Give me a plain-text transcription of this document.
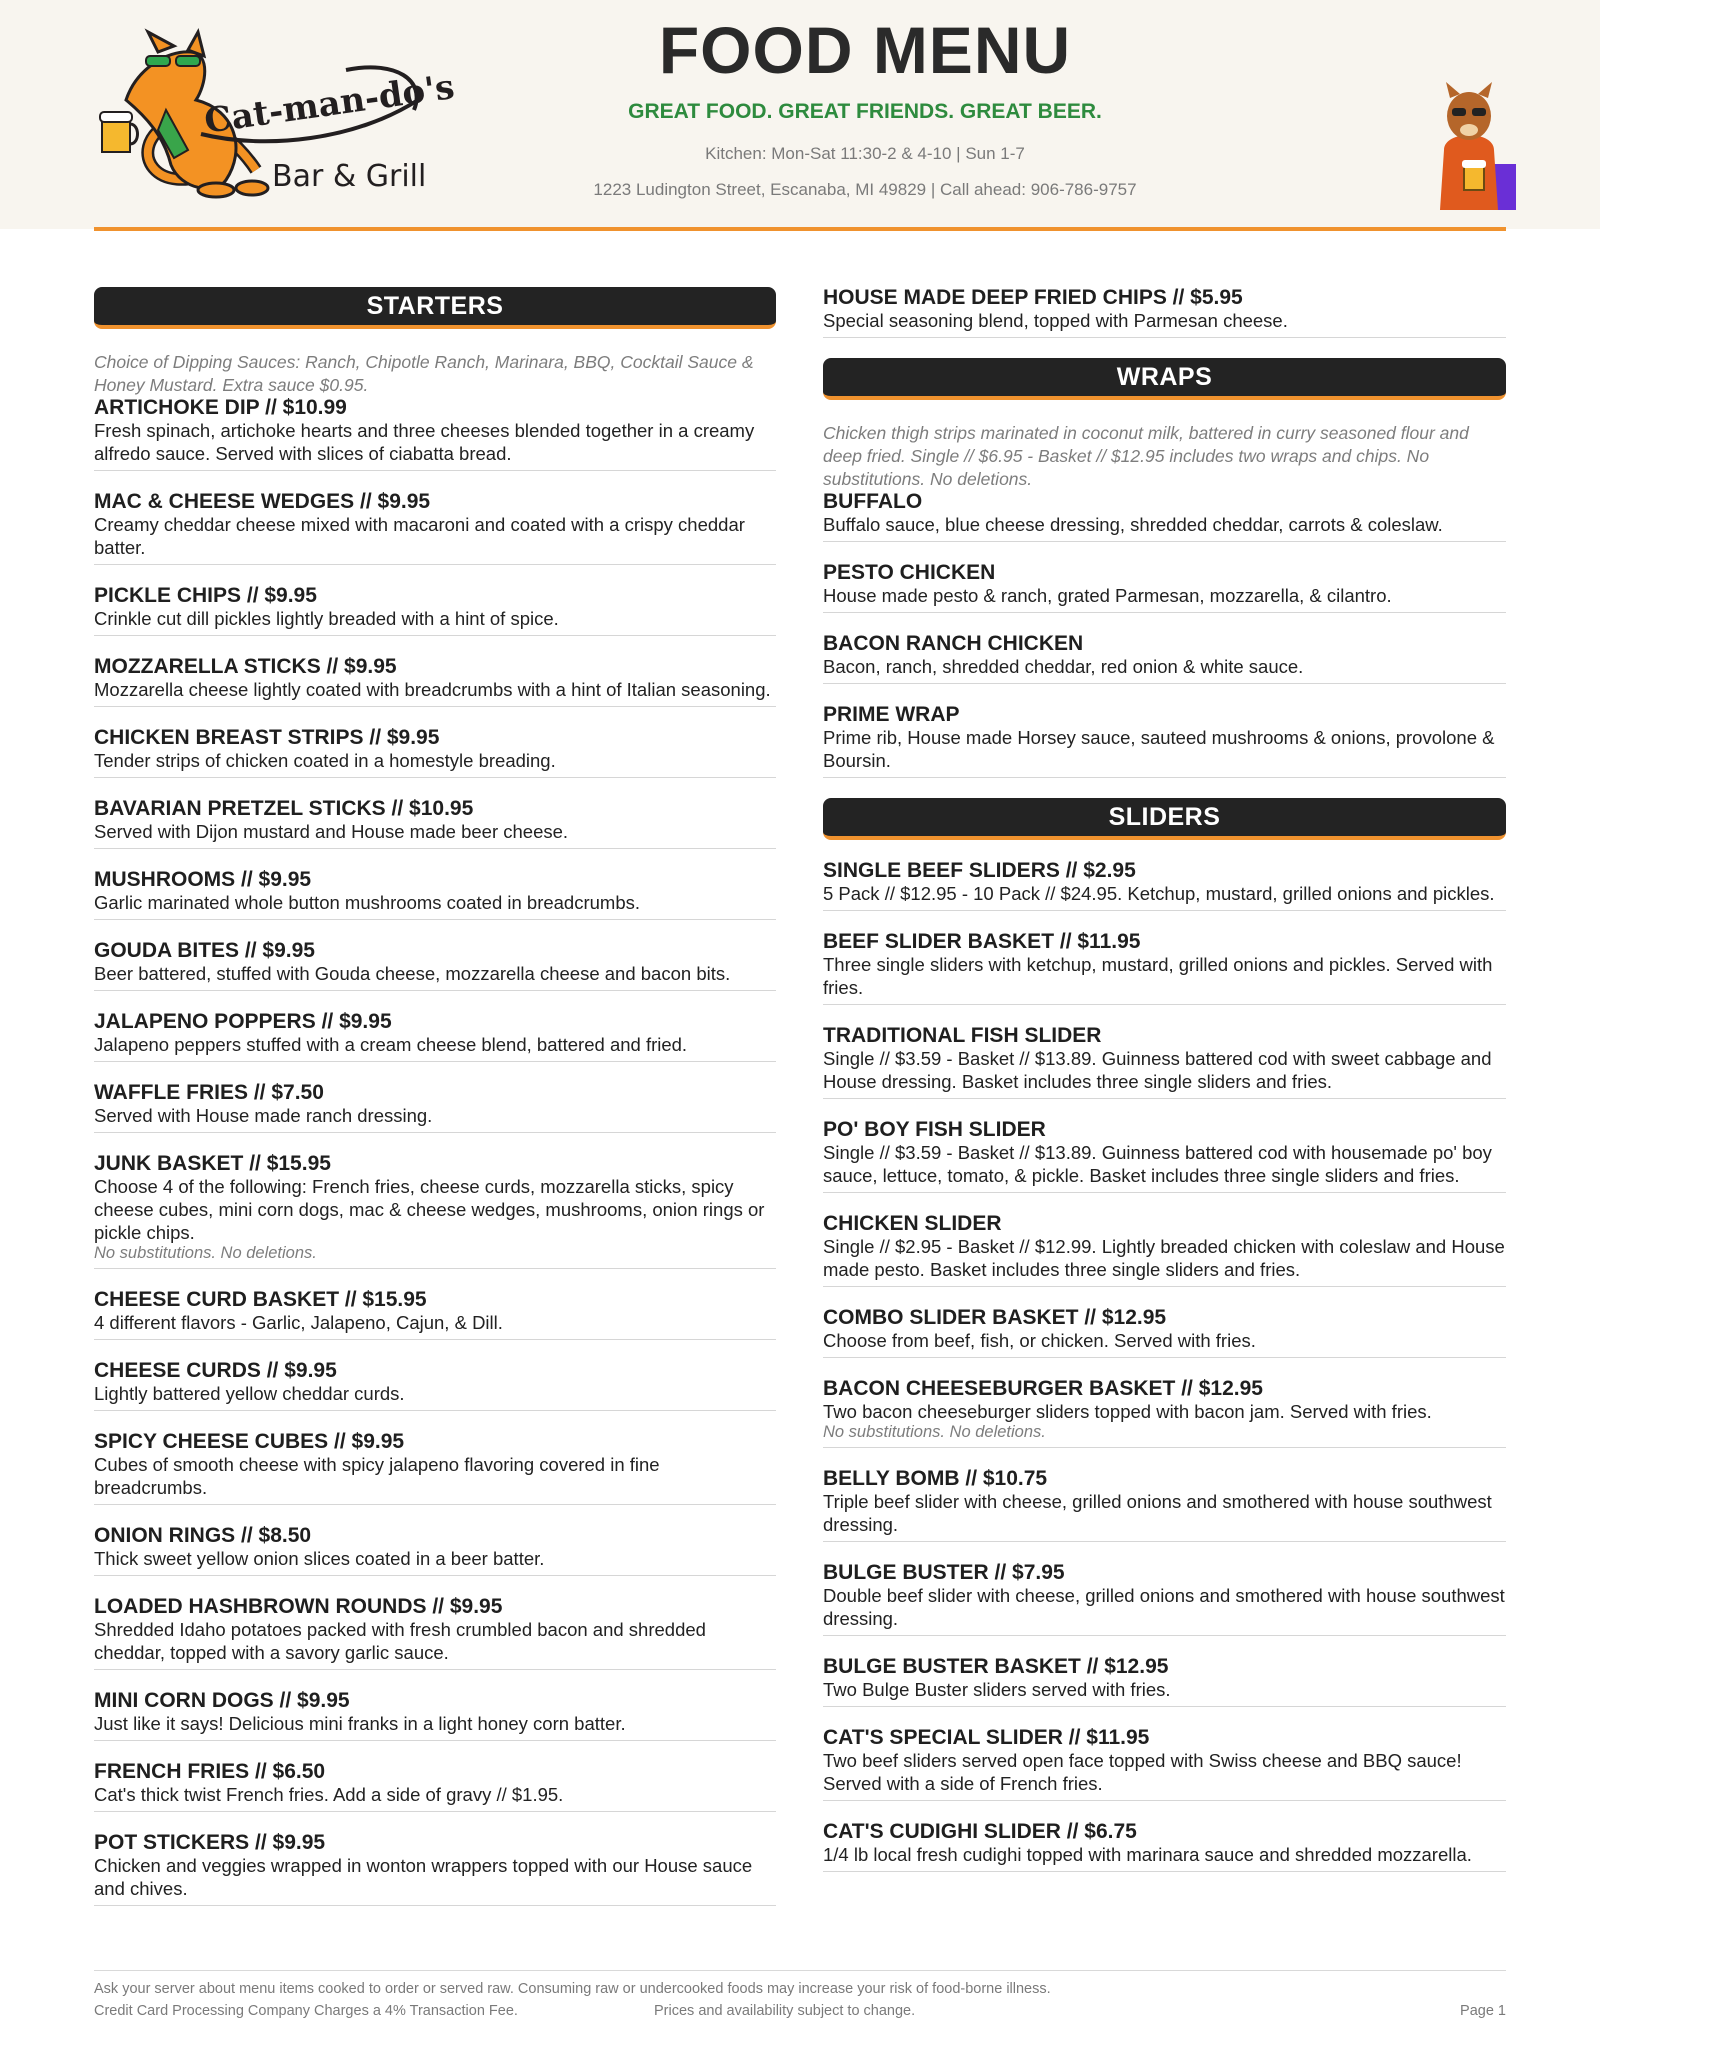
Cat-man-do's
Bar & Grill
FOOD MENU
GREAT FOOD. GREAT FRIENDS. GREAT BEER.
Kitchen: Mon-Sat 11:30-2 & 4-10 | Sun 1-7
1223 Ludington Street, Escanaba, MI 49829 | Call ahead: 906-786-9757
STARTERS
Choice of Dipping Sauces: Ranch, Chipotle Ranch, Marinara, BBQ, Cocktail Sauce & Honey Mustard. Extra sauce $0.95.
ARTICHOKE DIP // $10.99
Fresh spinach, artichoke hearts and three cheeses blended together in a creamy alfredo sauce. Served with slices of ciabatta bread.
MAC & CHEESE WEDGES // $9.95
Creamy cheddar cheese mixed with macaroni and coated with a crispy cheddar batter.
PICKLE CHIPS // $9.95
Crinkle cut dill pickles lightly breaded with a hint of spice.
MOZZARELLA STICKS // $9.95
Mozzarella cheese lightly coated with breadcrumbs with a hint of Italian seasoning.
CHICKEN BREAST STRIPS // $9.95
Tender strips of chicken coated in a homestyle breading.
BAVARIAN PRETZEL STICKS // $10.95
Served with Dijon mustard and House made beer cheese.
MUSHROOMS // $9.95
Garlic marinated whole button mushrooms coated in breadcrumbs.
GOUDA BITES // $9.95
Beer battered, stuffed with Gouda cheese, mozzarella cheese and bacon bits.
JALAPENO POPPERS // $9.95
Jalapeno peppers stuffed with a cream cheese blend, battered and fried.
WAFFLE FRIES // $7.50
Served with House made ranch dressing.
JUNK BASKET // $15.95
Choose 4 of the following: French fries, cheese curds, mozzarella sticks, spicy cheese cubes, mini corn dogs, mac & cheese wedges, mushrooms, onion rings or pickle chips.
No substitutions. No deletions.
CHEESE CURD BASKET // $15.95
4 different flavors - Garlic, Jalapeno, Cajun, & Dill.
CHEESE CURDS // $9.95
Lightly battered yellow cheddar curds.
SPICY CHEESE CUBES // $9.95
Cubes of smooth cheese with spicy jalapeno flavoring covered in fine breadcrumbs.
ONION RINGS // $8.50
Thick sweet yellow onion slices coated in a beer batter.
LOADED HASHBROWN ROUNDS // $9.95
Shredded Idaho potatoes packed with fresh crumbled bacon and shredded cheddar, topped with a savory garlic sauce.
MINI CORN DOGS // $9.95
Just like it says! Delicious mini franks in a light honey corn batter.
FRENCH FRIES // $6.50
Cat's thick twist French fries. Add a side of gravy // $1.95.
POT STICKERS // $9.95
Chicken and veggies wrapped in wonton wrappers topped with our House sauce and chives.
HOUSE MADE DEEP FRIED CHIPS // $5.95
Special seasoning blend, topped with Parmesan cheese.
WRAPS
Chicken thigh strips marinated in coconut milk, battered in curry seasoned flour and deep fried. Single // $6.95 - Basket // $12.95 includes two wraps and chips. No substitutions. No deletions.
BUFFALO
Buffalo sauce, blue cheese dressing, shredded cheddar, carrots & coleslaw.
PESTO CHICKEN
House made pesto & ranch, grated Parmesan, mozzarella, & cilantro.
BACON RANCH CHICKEN
Bacon, ranch, shredded cheddar, red onion & white sauce.
PRIME WRAP
Prime rib, House made Horsey sauce, sauteed mushrooms & onions, provolone & Boursin.
SLIDERS
SINGLE BEEF SLIDERS // $2.95
5 Pack // $12.95 - 10 Pack // $24.95. Ketchup, mustard, grilled onions and pickles.
BEEF SLIDER BASKET // $11.95
Three single sliders with ketchup, mustard, grilled onions and pickles. Served with fries.
TRADITIONAL FISH SLIDER
Single // $3.59 - Basket // $13.89. Guinness battered cod with sweet cabbage and House dressing. Basket includes three single sliders and fries.
PO' BOY FISH SLIDER
Single // $3.59 - Basket // $13.89. Guinness battered cod with housemade po' boy sauce, lettuce, tomato, & pickle. Basket includes three single sliders and fries.
CHICKEN SLIDER
Single // $2.95 - Basket // $12.99. Lightly breaded chicken with coleslaw and House made pesto. Basket includes three single sliders and fries.
COMBO SLIDER BASKET // $12.95
Choose from beef, fish, or chicken. Served with fries.
BACON CHEESEBURGER BASKET // $12.95
Two bacon cheeseburger sliders topped with bacon jam. Served with fries.
No substitutions. No deletions.
BELLY BOMB // $10.75
Triple beef slider with cheese, grilled onions and smothered with house southwest dressing.
BULGE BUSTER // $7.95
Double beef slider with cheese, grilled onions and smothered with house southwest dressing.
BULGE BUSTER BASKET // $12.95
Two Bulge Buster sliders served with fries.
CAT'S SPECIAL SLIDER // $11.95
Two beef sliders served open face topped with Swiss cheese and BBQ sauce! Served with a side of French fries.
CAT'S CUDIGHI SLIDER // $6.75
1/4 lb local fresh cudighi topped with marinara sauce and shredded mozzarella.
Ask your server about menu items cooked to order or served raw. Consuming raw or undercooked foods may increase your risk of food-borne illness.
Credit Card Processing Company Charges a 4% Transaction Fee.	Prices and availability subject to change.	Page 1
